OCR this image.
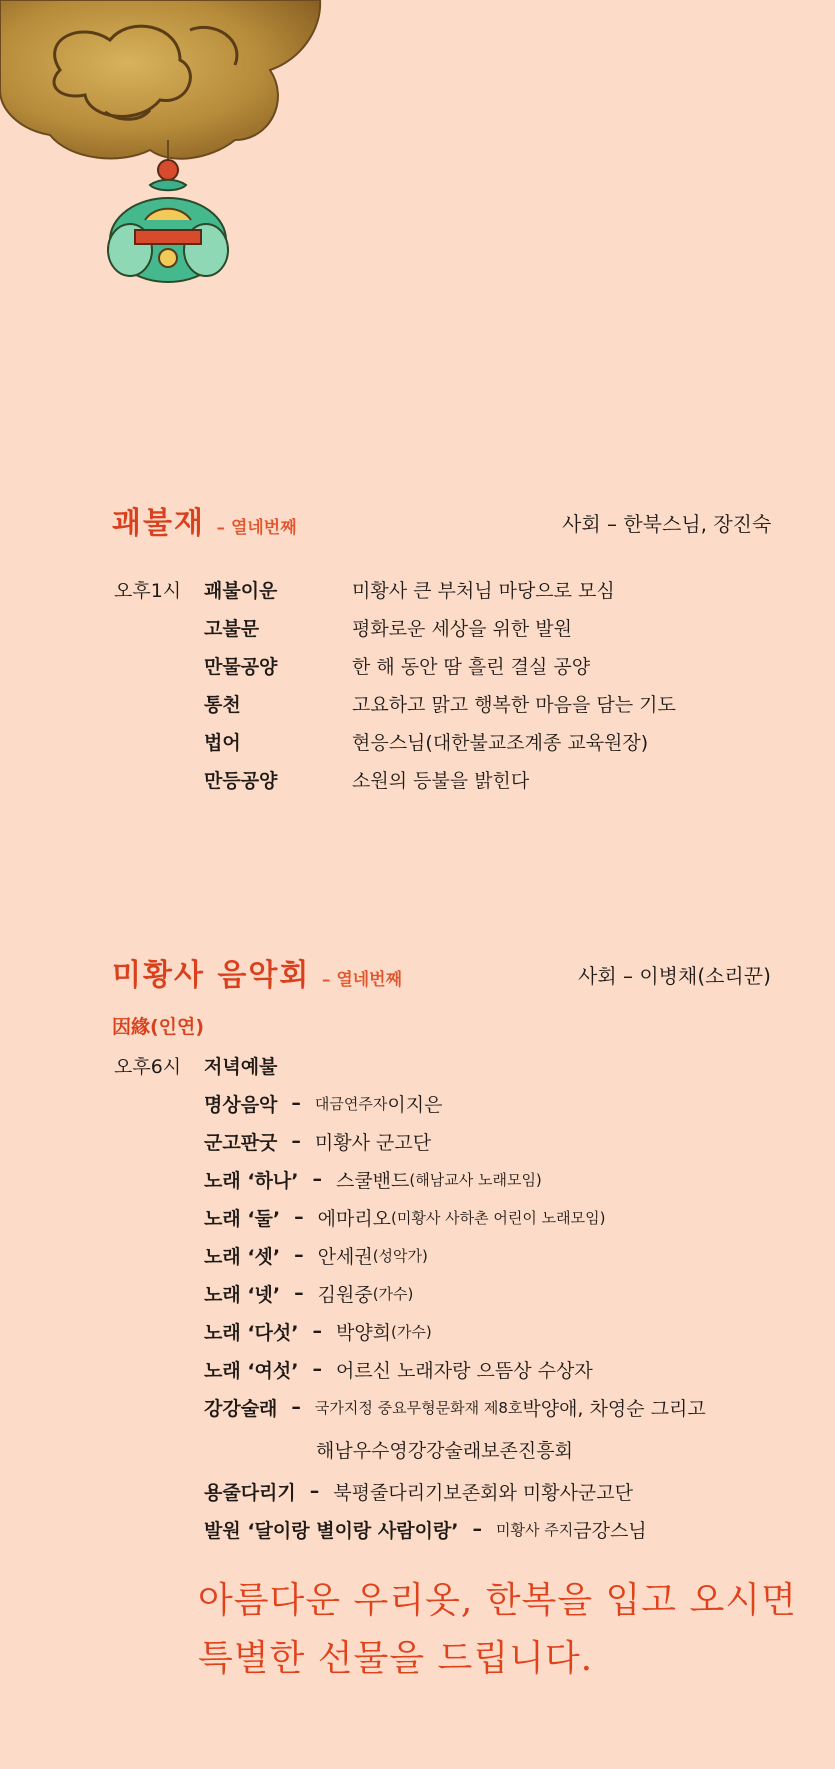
괘불재 – 열네번째	사회 – 한북스님, 장진숙
오후1시	괘불이운	미황사 큰 부처님 마당으로 모심
고불문	평화로운 세상을 위한 발원
만물공양	한 해 동안 땀 흘린 결실 공양
통천	고요하고 맑고 행복한 마음을 담는 기도
법어	현응스님(대한불교조계종 교육원장)
만등공양	소원의 등불을 밝힌다
미황사 음악회 – 열네번째	사회 – 이병채(소리꾼)
因緣(인연)
오후6시 저녁예불
명상음악 – 대금연주자 이지은
군고판굿 – 미황사 군고단
노래 ‘하나’ – 스쿨밴드 (해남교사 노래모임)
노래 ‘둘’ – 에마리오 (미황사 사하촌 어린이 노래모임)
노래 ‘셋’ – 안세권 (성악가)
노래 ‘넷’ – 김원중 (가수)
노래 ‘다섯’ – 박양희 (가수)
노래 ‘여섯’ – 어르신 노래자랑 으뜸상 수상자
강강술래 – 국가지정 중요무형문화재 제8호 박양애, 차영순 그리고
해남우수영강강술래보존진흥회
용줄다리기 – 북평줄다리기보존회와 미황사군고단
발원 ‘달이랑 별이랑 사람이랑’ – 미황사 주지 금강스님
아름다운 우리옷, 한복을 입고 오시면
특별한 선물을 드립니다.
